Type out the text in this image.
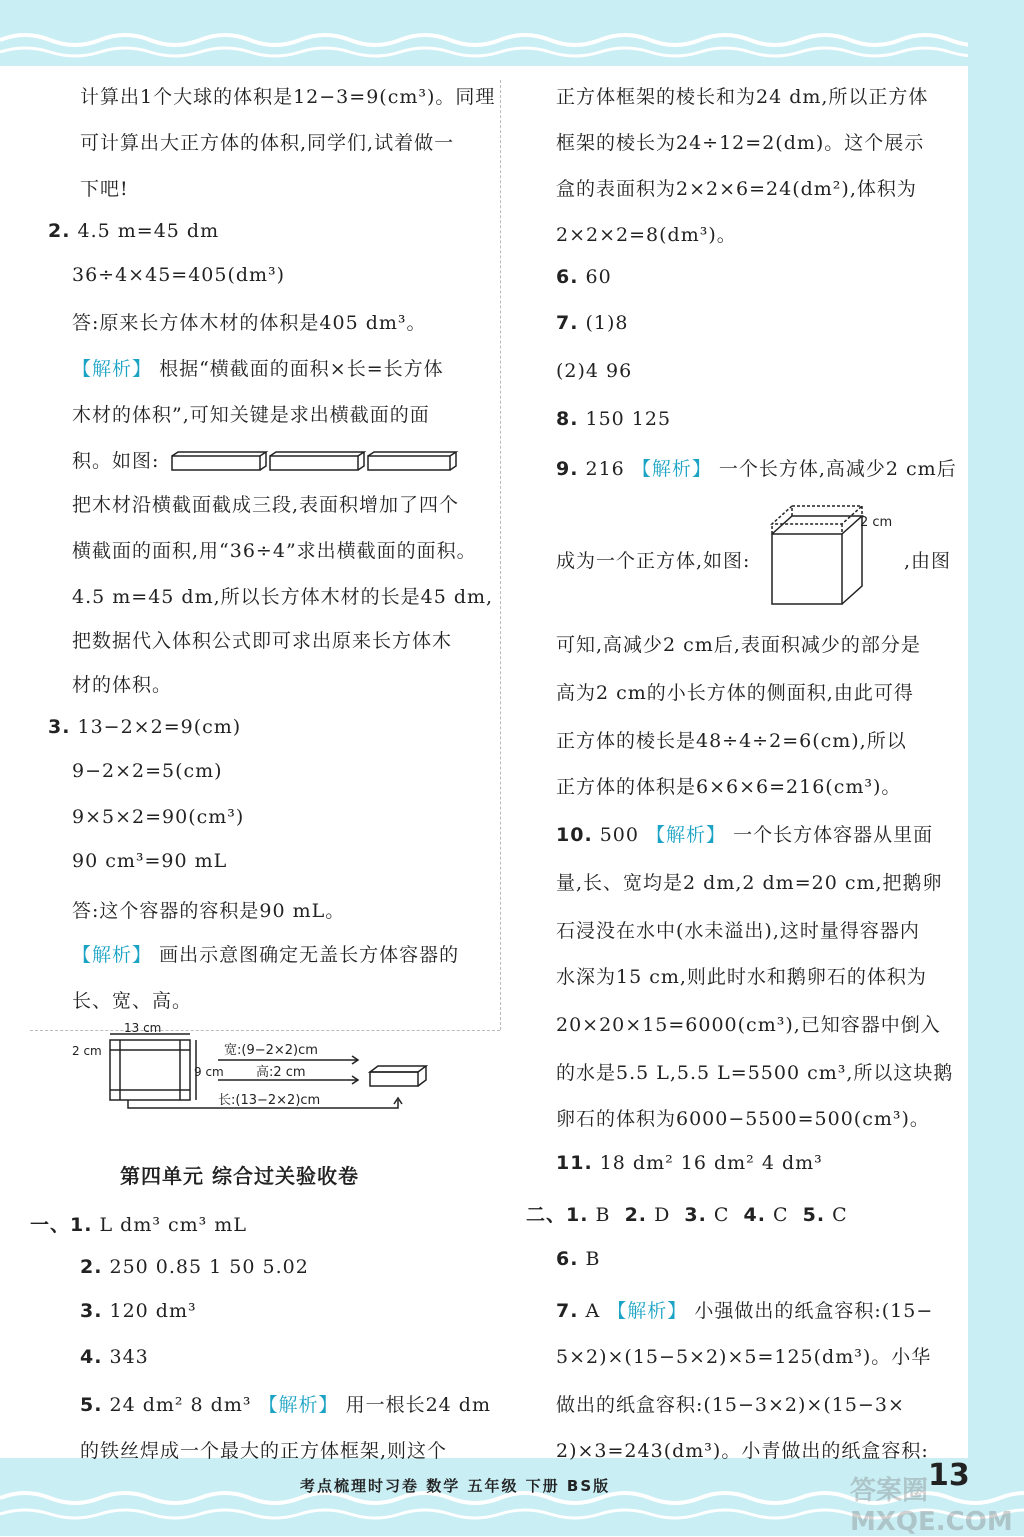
计算出1个大球的体积是12−3=9(cm³)。同理
可计算出大正方体的体积,同学们,试着做一
下吧!
2. 4.5 m=45 dm
36÷4×45=405(dm³)
答:原来长方体木材的体积是405 dm³。
【解析】 根据“横截面的面积×长=长方体
木材的体积”,可知关键是求出横截面的面
积。如图:
把木材沿横截面截成三段,表面积增加了四个
横截面的面积,用“36÷4”求出横截面的面积。
4.5 m=45 dm,所以长方体木材的长是45 dm,
把数据代入体积公式即可求出原来长方体木
材的体积。
3. 13−2×2=9(cm)
9−2×2=5(cm)
9×5×2=90(cm³)
90 cm³=90 mL
答:这个容器的容积是90 mL。
【解析】 画出示意图确定无盖长方体容器的
长、宽、高。
13 cm
2 cm
9 cm
宽:(9−2×2)cm
高:2 cm
长:(13−2×2)cm
第四单元 综合过关验收卷
一、1. L dm³ cm³ mL
2. 250 0.85 1 50 5.02
3. 120 dm³
4. 343
5. 24 dm² 8 dm³ 【解析】 用一根长24 dm
的铁丝焊成一个最大的正方体框架,则这个
正方体框架的棱长和为24 dm,所以正方体
框架的棱长为24÷12=2(dm)。这个展示
盒的表面积为2×2×6=24(dm²),体积为
2×2×2=8(dm³)。
6. 60
7. (1)8
(2)4 96
8. 150 125
9. 216 【解析】 一个长方体,高减少2 cm后
2 cm
成为一个正方体,如图:	,由图
可知,高减少2 cm后,表面积减少的部分是
高为2 cm的小长方体的侧面积,由此可得
正方体的棱长是48÷4÷2=6(cm),所以
正方体的体积是6×6×6=216(cm³)。
10. 500 【解析】 一个长方体容器从里面
量,长、宽均是2 dm,2 dm=20 cm,把鹅卵
石浸没在水中(水未溢出),这时量得容器内
水深为15 cm,则此时水和鹅卵石的体积为
20×20×15=6000(cm³),已知容器中倒入
的水是5.5 L,5.5 L=5500 cm³,所以这块鹅
卵石的体积为6000−5500=500(cm³)。
11. 18 dm² 16 dm² 4 dm³
二、1. B 2. D 3. C 4. C 5. C
6. B
7. A 【解析】 小强做出的纸盒容积:(15−
5×2)×(15−5×2)×5=125(dm³)。小华
做出的纸盒容积:(15−3×2)×(15−3×
2)×3=243(dm³)。小青做出的纸盒容积:
考点梳理时习卷 数学 五年级 下册 BS版	答案圈 MXQE.COM
13
